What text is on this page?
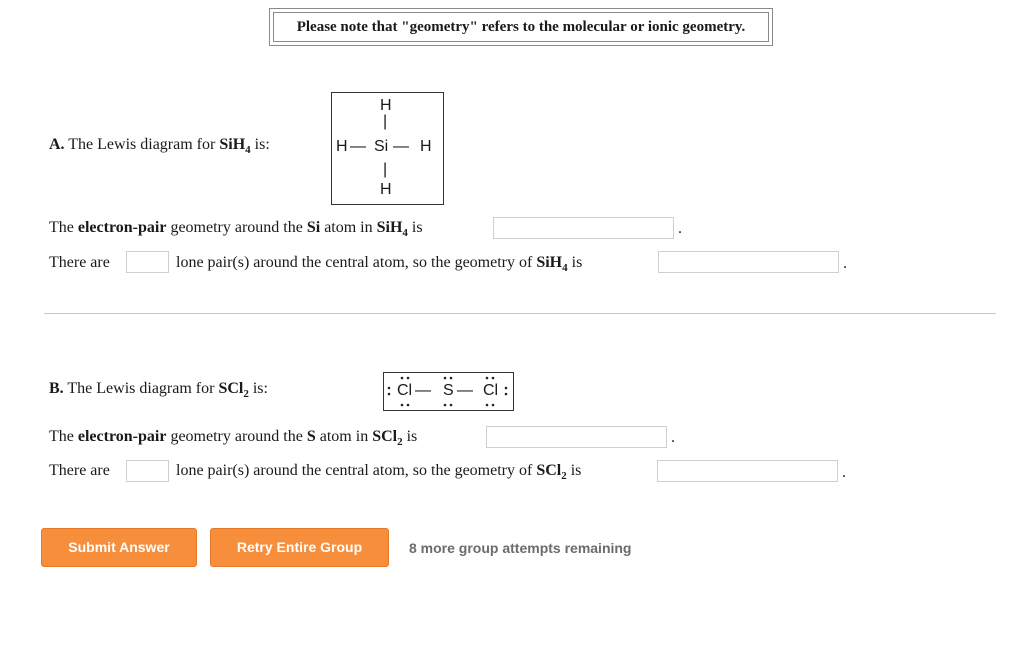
Please note that "geometry" refers to the molecular or ionic geometry.
A. The Lewis diagram for SiH$_4$ is:
H
|
H — Si — H
|
H
The electron-pair geometry around the Si atom in SiH$_4$ is	.
There are	lone pair(s) around the central atom, so the geometry of SiH$_4$ is	.
B. The Lewis diagram for SCl$_2$ is:	Cl — S — Cl
The electron-pair geometry around the S atom in SCl$_2$ is	.
There are	lone pair(s) around the central atom, so the geometry of SCl$_2$ is	.
Submit Answer	Retry Entire Group	8 more group attempts remaining
